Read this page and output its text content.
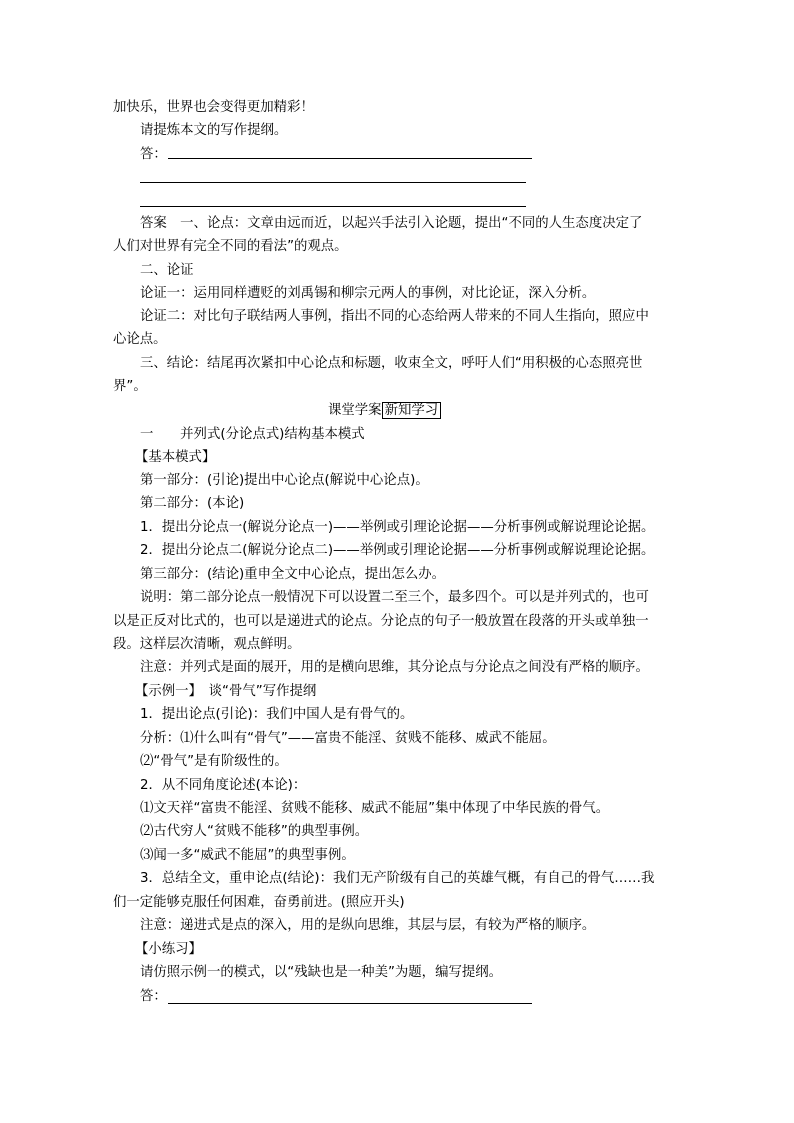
加快乐，世界也会变得更加精彩！
请提炼本文的写作提纲。
答：
答案　一、论点：文章由远而近，以起兴手法引入论题，提出“不同的人生态度决定了
人们对世界有完全不同的看法”的观点。
二、论证
论证一：运用同样遭贬的刘禹锡和柳宗元两人的事例，对比论证，深入分析。
论证二：对比句子联结两人事例，指出不同的心态给两人带来的不同人生指向，照应中
心论点。
三、结论：结尾再次紧扣中心论点和标题，收束全文，呼吁人们“用积极的心态照亮世
界”。
课堂学案 新知学习
一　　并列式(分论点式)结构基本模式
【基本模式】
第一部分：(引论)提出中心论点(解说中心论点)。
第二部分：(本论)
1．提出分论点一(解说分论点一)——举例或引理论论据——分析事例或解说理论论据。
2．提出分论点二(解说分论点二)——举例或引理论论据——分析事例或解说理论论据。
第三部分：(结论)重申全文中心论点，提出怎么办。
说明：第二部分论点一般情况下可以设置二至三个，最多四个。可以是并列式的，也可
以是正反对比式的，也可以是递进式的论点。分论点的句子一般放置在段落的开头或单独一
段。这样层次清晰，观点鲜明。
注意：并列式是面的展开，用的是横向思维，其分论点与分论点之间没有严格的顺序。
【示例一】　谈“骨气”写作提纲
1．提出论点(引论)：我们中国人是有骨气的。
分析：⑴什么叫有“骨气”——富贵不能淫、贫贱不能移、威武不能屈。
⑵“骨气”是有阶级性的。
2．从不同角度论述(本论)：
⑴文天祥“富贵不能淫、贫贱不能移、威武不能屈”集中体现了中华民族的骨气。
⑵古代穷人“贫贱不能移”的典型事例。
⑶闻一多“威武不能屈”的典型事例。
3．总结全文，重申论点(结论)：我们无产阶级有自己的英雄气概，有自己的骨气……我
们一定能够克服任何困难，奋勇前进。(照应开头)
注意：递进式是点的深入，用的是纵向思维，其层与层，有较为严格的顺序。
【小练习】
请仿照示例一的模式，以“残缺也是一种美”为题，编写提纲。
答：
